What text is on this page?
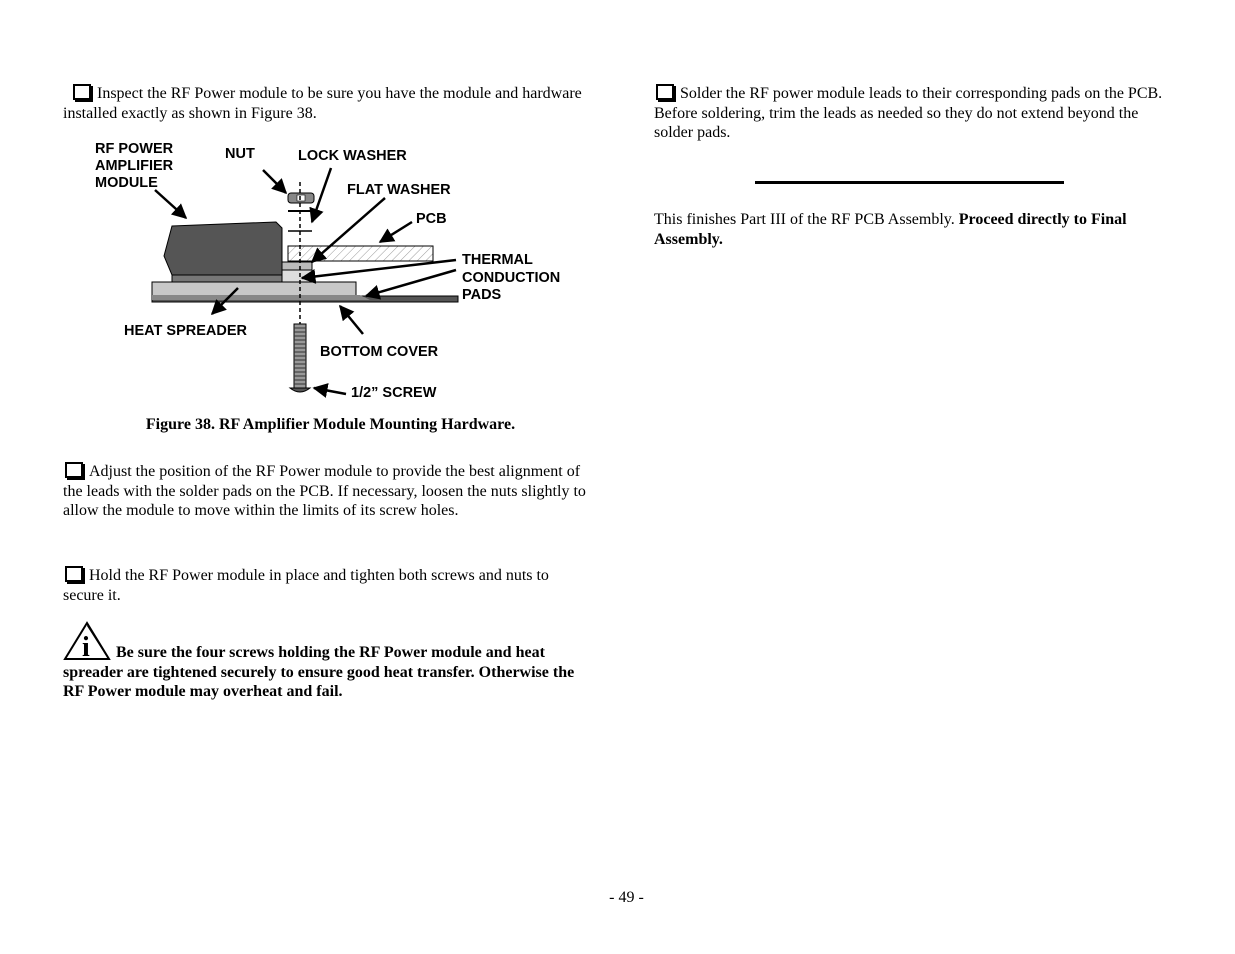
Inspect the RF Power module to be sure you have the module and hardware installed exactly as shown in Figure 38.

RF POWER
AMPLIFIER
MODULE
NUT	LOCK WASHER
FLAT WASHER
PCB
THERMAL
CONDUCTION
PADS
HEAT SPREADER
BOTTOM COVER
1/2” SCREW
Figure 38. RF Amplifier Module Mounting Hardware.

Adjust the position of the RF Power module to provide the best alignment of the leads with the solder pads on the PCB. If necessary, loosen the nuts slightly to allow the module to move within the limits of its screw holes.

Hold the RF Power module in place and tighten both screws and nuts to secure it.

i	Be sure the four screws holding the RF Power module and heat spreader are tightened securely to ensure good heat transfer. Otherwise the RF Power module may overheat and fail.

Solder the RF power module leads to their corresponding pads on the PCB. Before soldering, trim the leads as needed so they do not extend beyond the solder pads.

This finishes Part III of the RF PCB Assembly. Proceed directly to Final Assembly.

- 49 -
